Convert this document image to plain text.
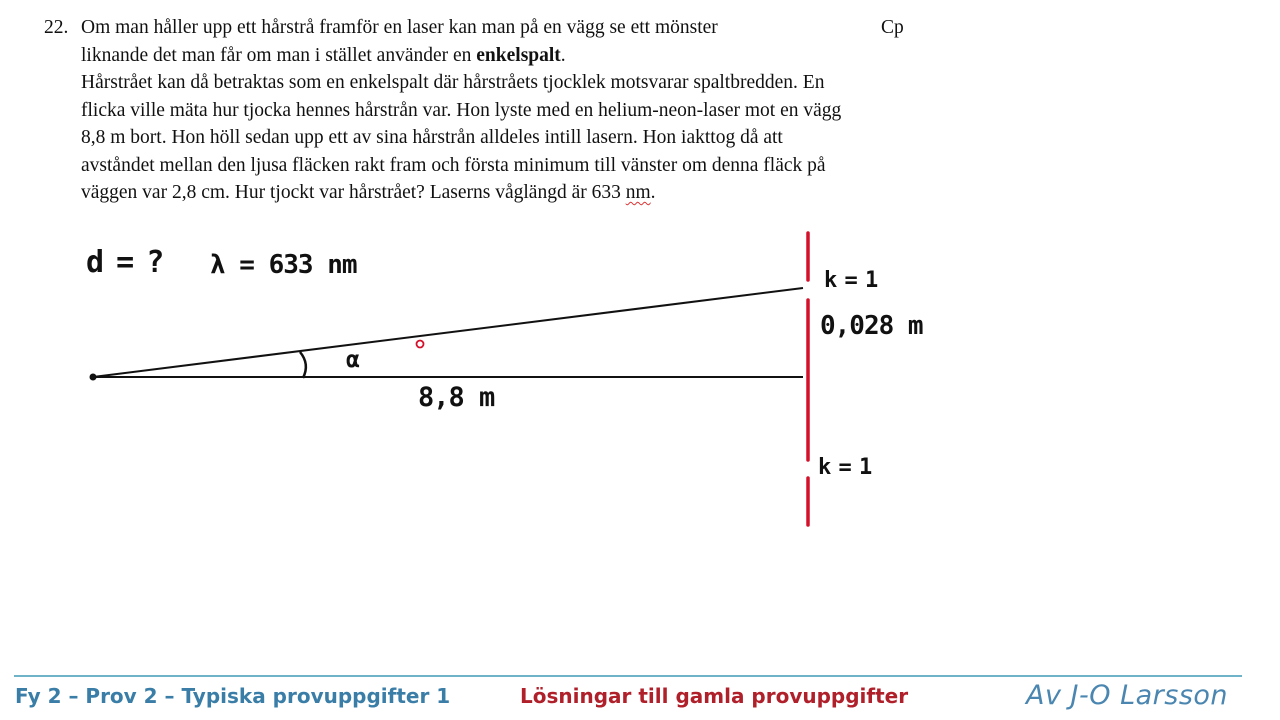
22.	Cp
Om man håller upp ett hårstrå framför en laser kan man på en vägg se ett mönster
liknande det man får om man i stället använder en enkelspalt.
Hårstrået kan då betraktas som en enkelspalt där hårstråets tjocklek motsvarar spaltbredden. En
flicka ville mäta hur tjocka hennes hårstrån var. Hon lyste med en helium-neon-laser mot en vägg
8,8 m bort. Hon höll sedan upp ett av sina hårstrån alldeles intill lasern. Hon iakttog då att
avståndet mellan den ljusa fläcken rakt fram och första minimum till vänster om denna fläck på
väggen var 2,8 cm. Hur tjockt var hårstrået? Laserns våglängd är 633 nm.
d = ? λ = 633 nm
α
8,8 m
k = 1
0,028 m
k = 1
Fy 2 – Prov 2 – Typiska provuppgifter 1	Lösningar till gamla provuppgifter	Av J-O Larsson
